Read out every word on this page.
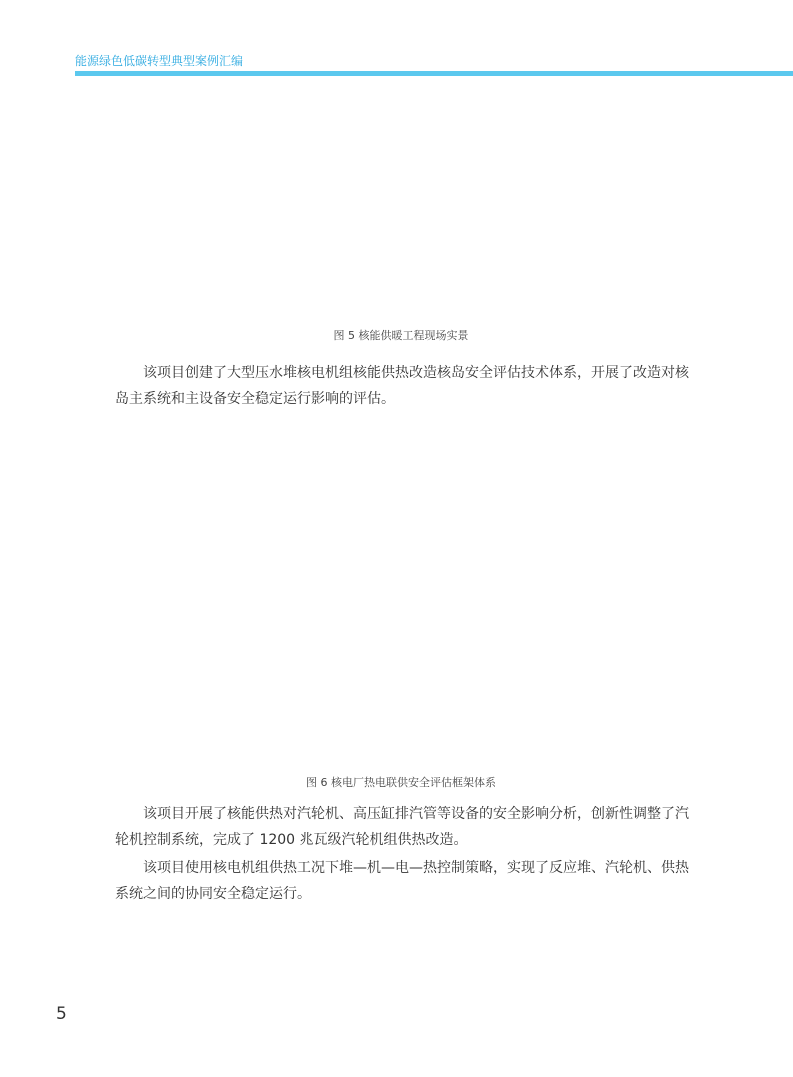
能源绿色低碳转型典型案例汇编
图 5 核能供暖工程现场实景

该项目创建了大型压水堆核电机组核能供热改造核岛安全评估技术体系，开展了改造对核岛主系统和主设备安全稳定运行影响的评估。

图 6 核电厂热电联供安全评估框架体系

该项目开展了核能供热对汽轮机、高压缸排汽管等设备的安全影响分析，创新性调整了汽轮机控制系统，完成了 1200 兆瓦级汽轮机组供热改造。

该项目使用核电机组供热工况下堆—机—电—热控制策略，实现了反应堆、汽轮机、供热系统之间的协同安全稳定运行。

5
